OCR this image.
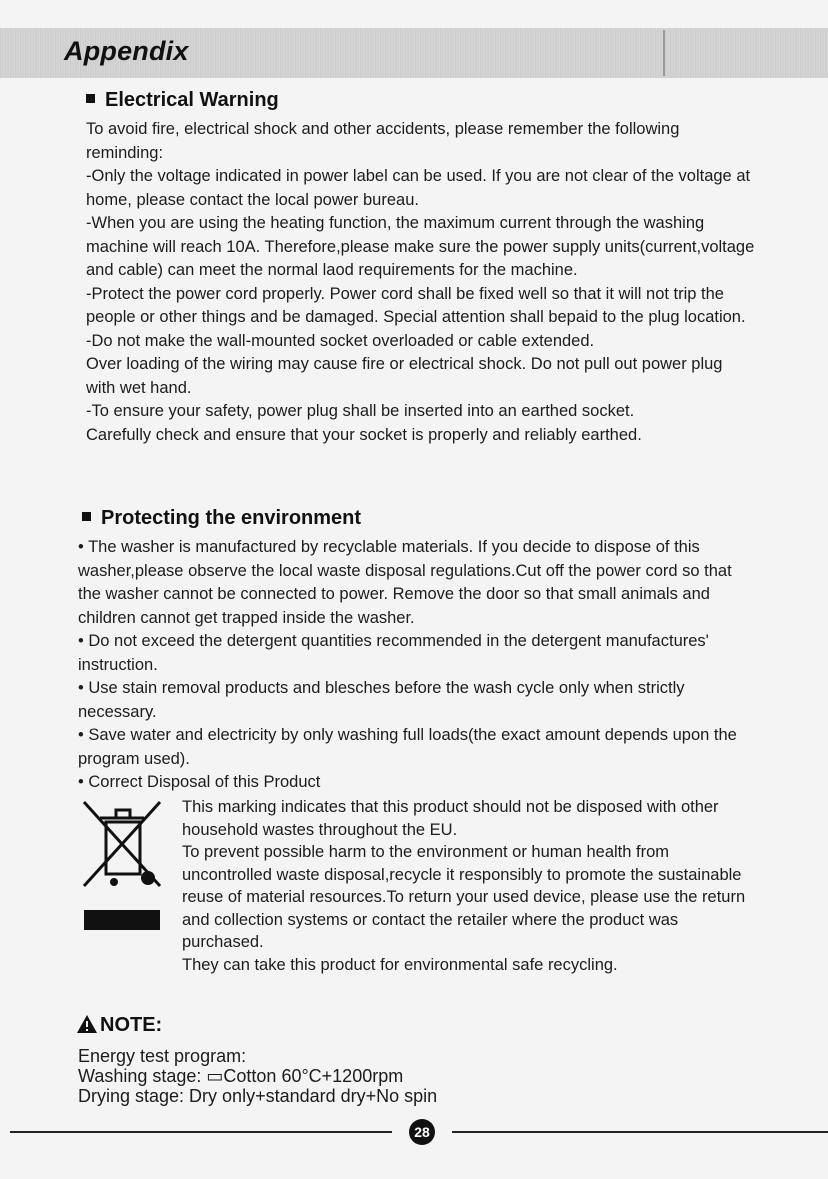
Appendix
Electrical Warning

To avoid fire, electrical shock and other accidents, please remember the following reminding:

-Only the voltage indicated in power label can be used. If you are not clear of the voltage at home, please contact the local power bureau.

-When you are using the heating function, the maximum current through the washing machine will reach 10A. Therefore,please make sure the power supply units(current,voltage and cable) can meet the normal laod requirements for the machine.

-Protect the power cord properly. Power cord shall be fixed well so that it will not trip the people or other things and be damaged. Special attention shall bepaid to the plug location.

-Do not make the wall-mounted socket overloaded or cable extended.

Over loading of the wiring may cause fire or electrical shock. Do not pull out power plug with wet hand.

-To ensure your safety, power plug shall be inserted into an earthed socket.

Carefully check and ensure that your socket is properly and reliably earthed.

Protecting the environment

• The washer is manufactured by recyclable materials. If you decide to dispose of this washer,please observe the local waste disposal regulations.Cut off the power cord so that the washer cannot be connected to power. Remove the door so that small animals and children cannot get trapped inside the washer.

• Do not exceed the detergent quantities recommended in the detergent manufactures' instruction.

• Use stain removal products and blesches before the wash cycle only when strictly necessary.

• Save water and electricity by only washing full loads(the exact amount depends upon the program used).

• Correct Disposal of this Product

This marking indicates that this product should not be disposed with other household wastes throughout the EU.

To prevent possible harm to the environment or human health from uncontrolled waste disposal,recycle it responsibly to promote the sustainable reuse of material resources.To return your used device, please use the return and collection systems or contact the retailer where the product was purchased.

They can take this product for environmental safe recycling.

NOTE:

Energy test program:

Washing stage: ▭Cotton 60°C+1200rpm

Drying stage: Dry only+standard dry+No spin

28
